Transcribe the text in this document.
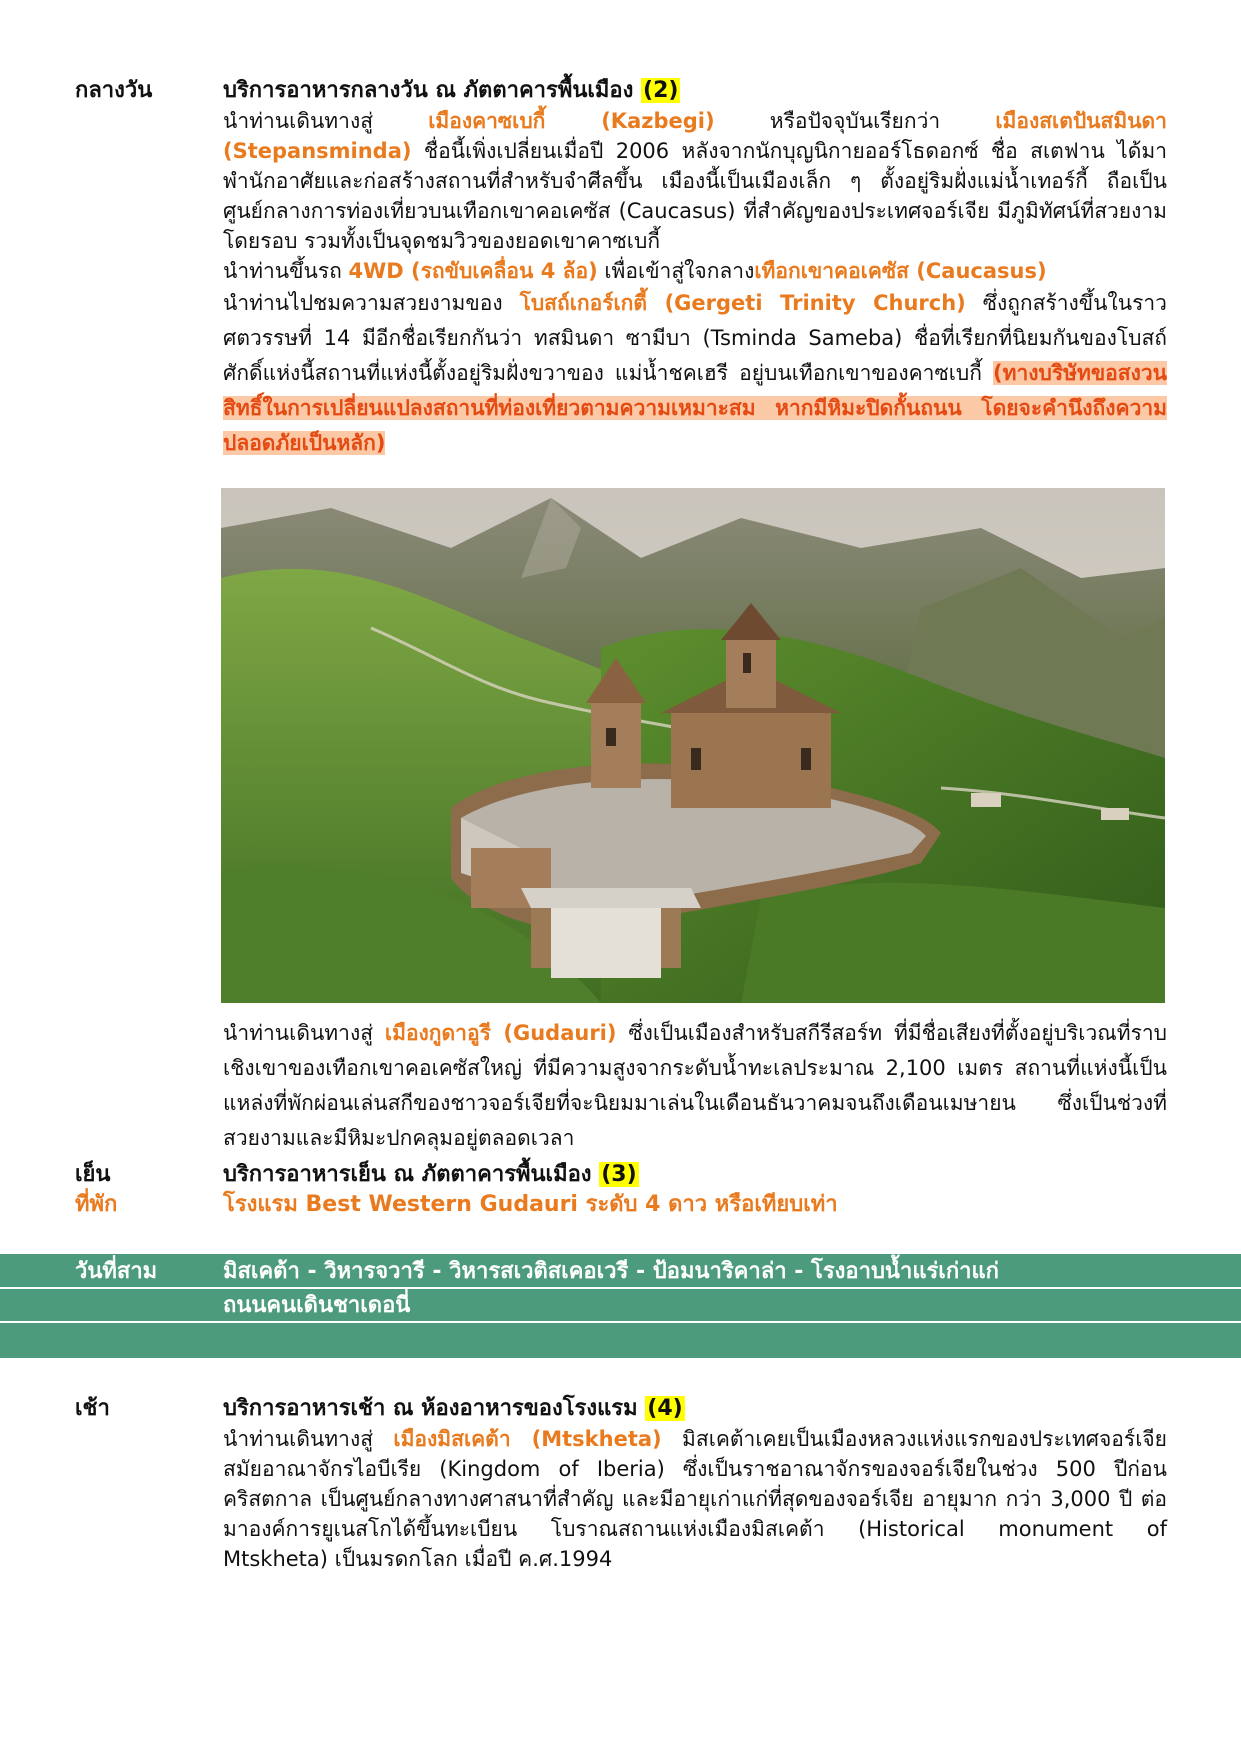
กลางวัน	บริการอาหารกลางวัน ณ ภัตตาคารพื้นเมือง (2)

นำท่านเดินทางสู่ เมืองคาซเบกี้ (Kazbegi) หรือปัจจุบันเรียกว่า เมืองสเตปันสมินดา (Stepansminda) ชื่อนี้เพิ่งเปลี่ยนเมื่อปี 2006 หลังจากนักบุญนิกายออร์โธดอกซ์ ชื่อ สเตฟาน ได้มาพำนักอาศัยและก่อสร้างสถานที่สำหรับจำศีลขึ้น เมืองนี้เป็นเมืองเล็ก ๆ ตั้งอยู่ริมฝั่งแม่น้ำเทอร์กี้ ถือเป็นศูนย์กลางการท่องเที่ยวบนเทือกเขาคอเคซัส (Caucasus) ที่สำคัญของประเทศจอร์เจีย มีภูมิทัศน์ที่สวยงามโดยรอบ รวมทั้งเป็นจุดชมวิวของยอดเขาคาซเบกี้

นำท่านขึ้นรถ 4WD (รถขับเคลื่อน 4 ล้อ) เพื่อเข้าสู่ใจกลางเทือกเขาคอเคซัส (Caucasus)

นำท่านไปชมความสวยงามของ โบสถ์เกอร์เกตี้ (Gergeti Trinity Church) ซึ่งถูกสร้างขึ้นในราวศตวรรษที่ 14 มีอีกชื่อเรียกกันว่า ทสมินดา ซามีบา (Tsminda Sameba) ชื่อที่เรียกที่นิยมกันของโบสถ์ศักดิ์แห่งนี้สถานที่แห่งนี้ตั้งอยู่ริมฝั่งขวาของ แม่น้ำชคเฮรี อยู่บนเทือกเขาของคาซเบกี้ (ทางบริษัทขอสงวนสิทธิ์ในการเปลี่ยนแปลงสถานที่ท่องเที่ยวตามความเหมาะสม หากมีหิมะปิดกั้นถนน โดยจะคำนึงถึงความปลอดภัยเป็นหลัก)

นำท่านเดินทางสู่ เมืองกูดาอูรี (Gudauri) ซึ่งเป็นเมืองสำหรับสกีรีสอร์ท ที่มีชื่อเสียงที่ตั้งอยู่บริเวณที่ราบเชิงเขาของเทือกเขาคอเคซัสใหญ่ ที่มีความสูงจากระดับน้ำทะเลประมาณ 2,100 เมตร สถานที่แห่งนี้เป็นแหล่งที่พักผ่อนเล่นสกีของชาวจอร์เจียที่จะนิยมมาเล่นในเดือนธันวาคมจนถึงเดือนเมษายน ซึ่งเป็นช่วงที่สวยงามและมีหิมะปกคลุมอยู่ตลอดเวลา

เย็น	บริการอาหารเย็น ณ ภัตตาคารพื้นเมือง (3)
ที่พัก	โรงแรม Best Western Gudauri ระดับ 4 ดาว หรือเทียบเท่า
วันที่สาม	มิสเคต้า - วิหารจวารี - วิหารสเวติสเคอเวรี - ป้อมนาริคาล่า - โรงอาบน้ำแร่เก่าแก่
ถนนคนเดินชาเดอนี่
เช้า	บริการอาหารเช้า ณ ห้องอาหารของโรงแรม (4)

นำท่านเดินทางสู่ เมืองมิสเคต้า (Mtskheta) มิสเคต้าเคยเป็นเมืองหลวงแห่งแรกของประเทศจอร์เจีย สมัยอาณาจักรไอบีเรีย (Kingdom of Iberia) ซึ่งเป็นราชอาณาจักรของจอร์เจียในช่วง 500 ปีก่อนคริสตกาล เป็นศูนย์กลางทางศาสนาที่สำคัญ และมีอายุเก่าแก่ที่สุดของจอร์เจีย อายุมาก กว่า 3,000 ปี ต่อมาองค์การยูเนสโกได้ขึ้นทะเบียน โบราณสถานแห่งเมืองมิสเคต้า (Historical monument of Mtskheta) เป็นมรดกโลก เมื่อปี ค.ศ.1994
